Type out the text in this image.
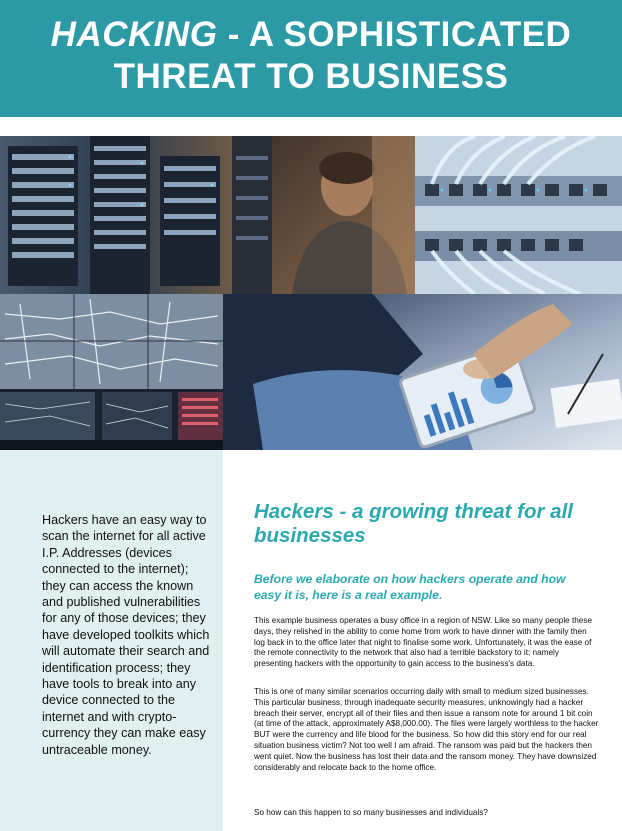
HACKING - A SOPHISTICATED
THREAT TO BUSINESS

Hackers have an easy way to scan the internet for all active I.P. Addresses (devices connected to the internet); they can access the known and published vulnerabilities for any of those devices; they have developed toolkits which will automate their search and identification process; they have tools to break into any device connected to the internet and with crypto-currency they can make easy untraceable money.

Hackers - a growing threat for all businesses
Before we elaborate on how hackers operate and how easy it is, here is a real example.

This example business operates a busy office in a region of NSW. Like so many people these days, they relished in the ability to come home from work to have dinner with the family then log back in to the office later that night to finalise some work. Unfortunately, it was the ease of the remote connectivity to the network that also had a terrible backstory to it; namely presenting hackers with the opportunity to gain access to the business's data.

This is one of many similar scenarios occurring daily with small to medium sized businesses. This particular business, through inadequate security measures, unknowingly had a hacker breach their server, encrypt all of their files and then issue a ransom note for around 1 bit coin (at time of the attack, approximately A$8,000.00). The files were largely worthless to the hacker BUT were the currency and life blood for the business. So how did this story end for our real situation business victim? Not too well I am afraid. The ransom was paid but the hackers then went quiet. Now the business has lost their data and the ransom money. They have downsized considerably and relocate back to the home office.

So how can this happen to so many businesses and individuals?
